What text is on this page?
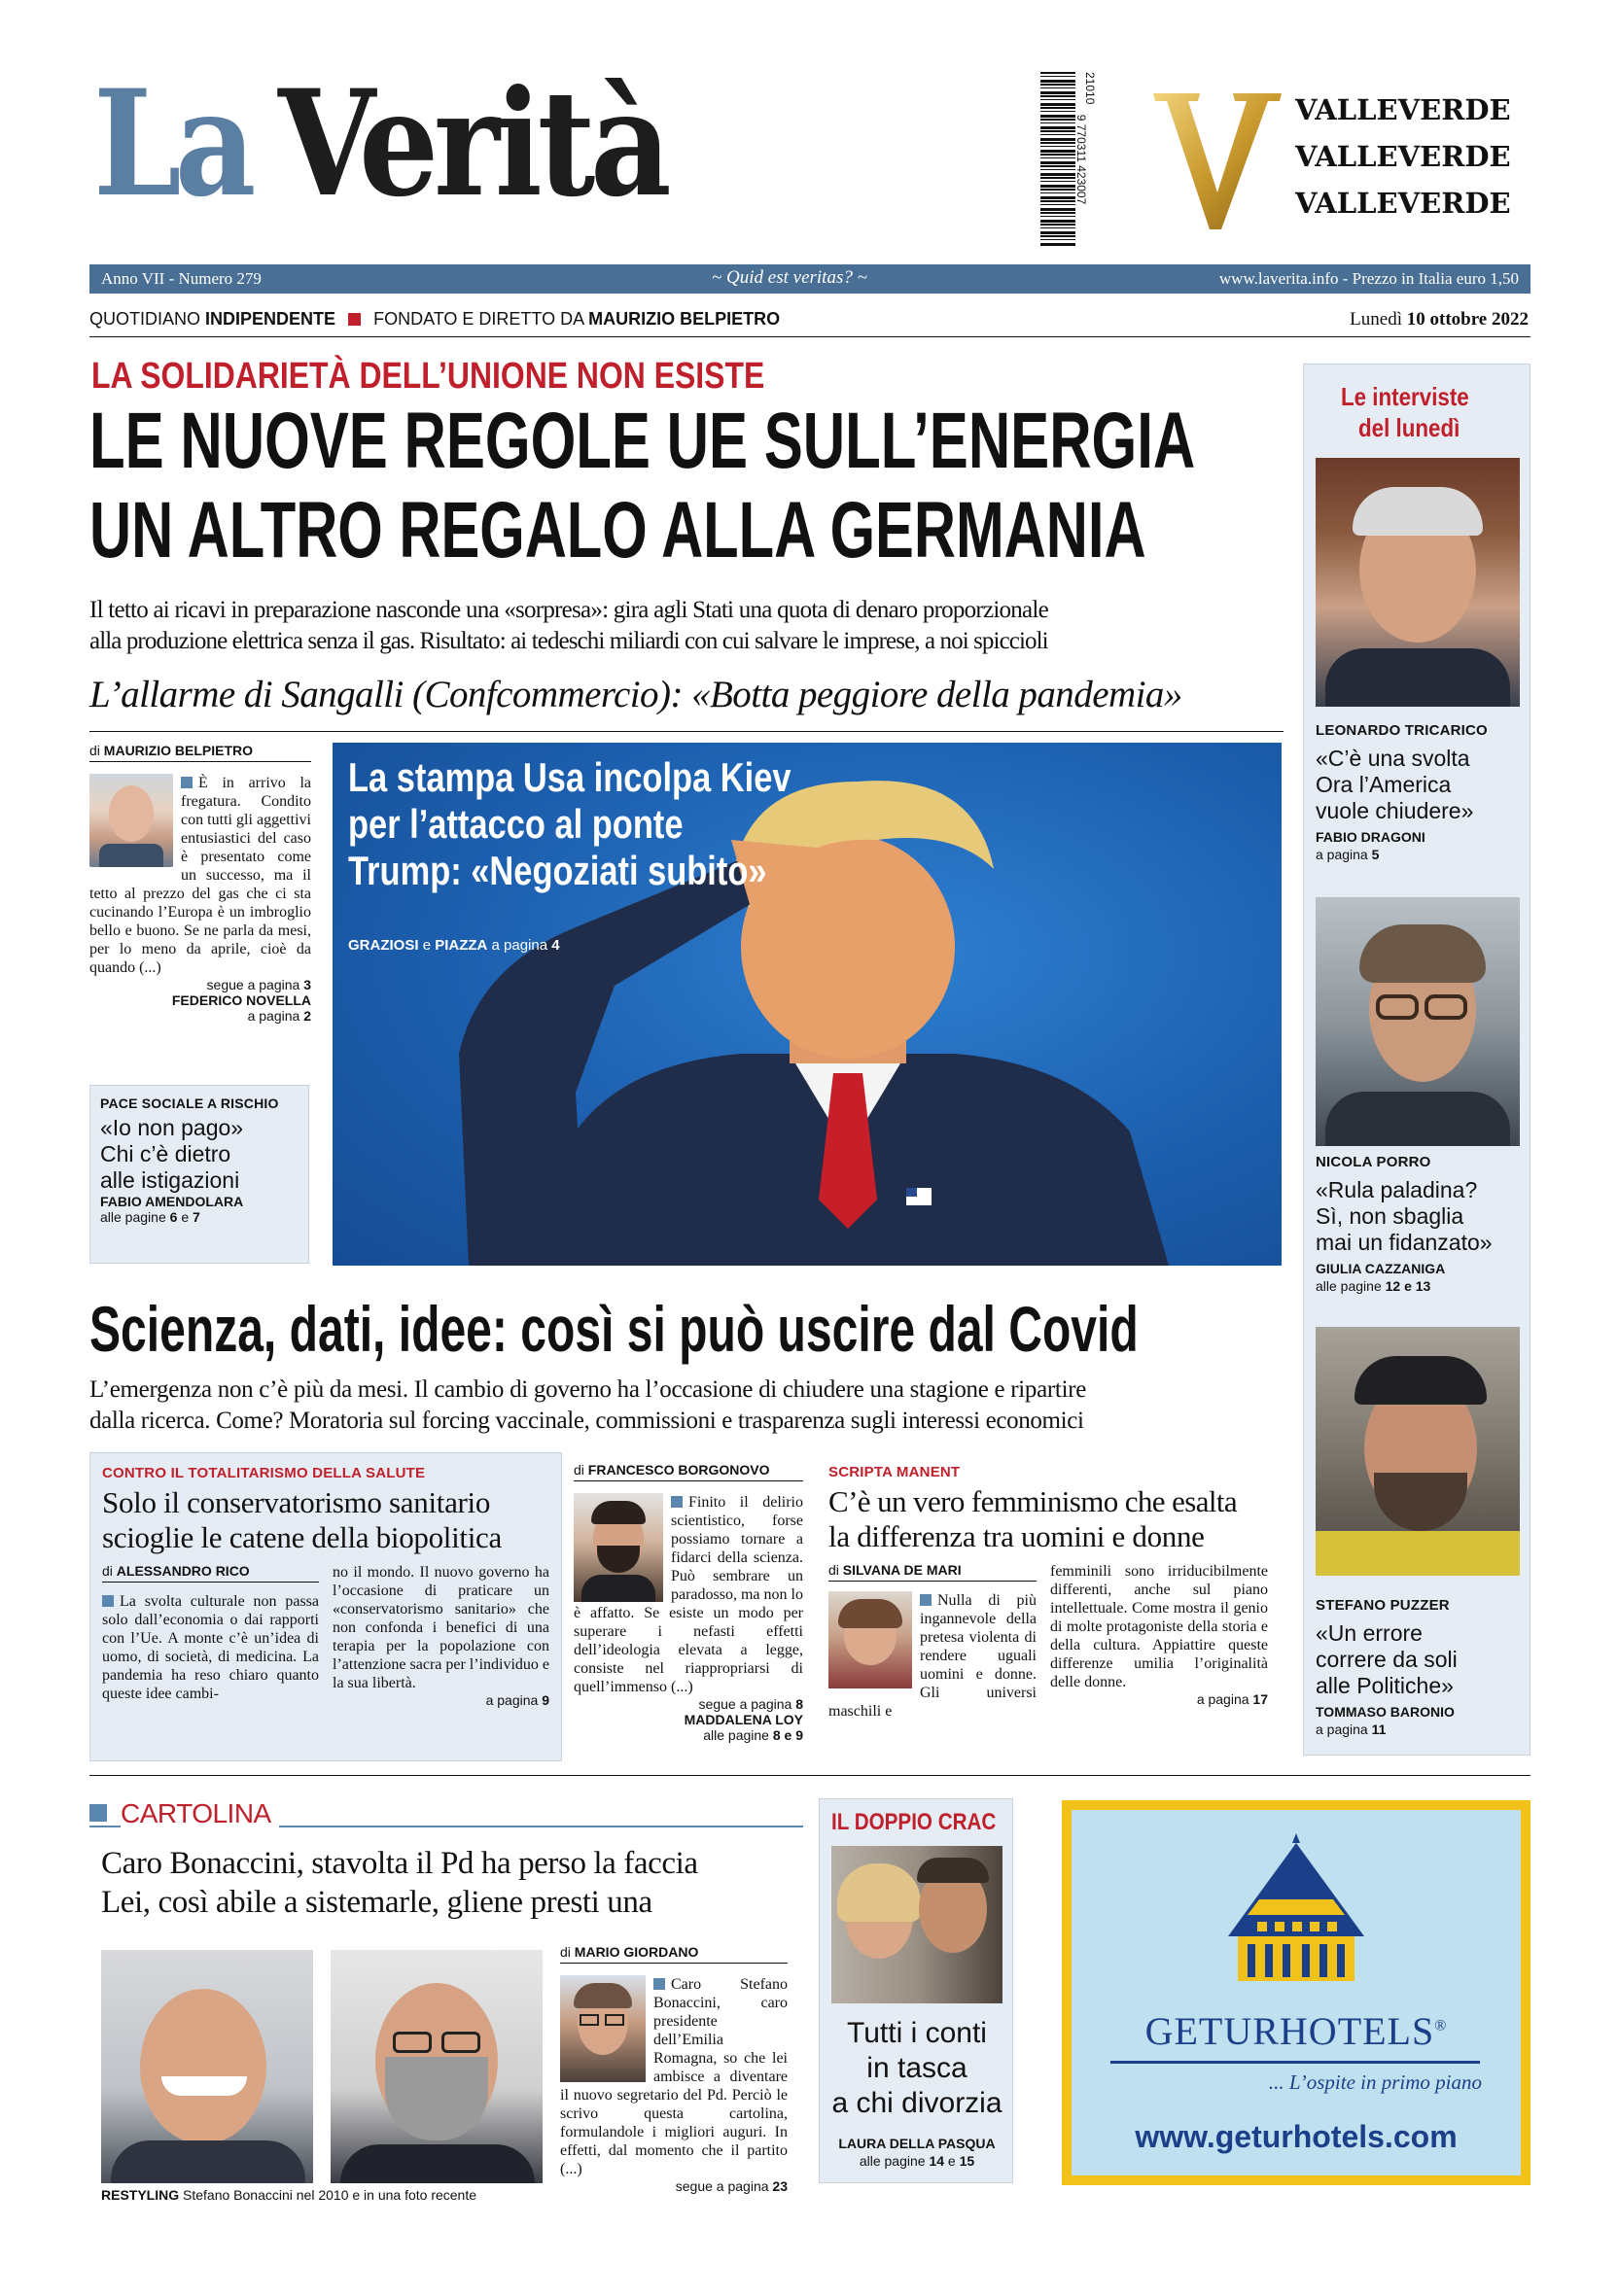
La Verità	9 770311 423007
21010
VALLEVERDE
VALLEVERDE
VALLEVERDE
Anno VII - Numero 279	~ Quid est veritas? ~	www.laverita.info - Prezzo in Italia euro 1,50
QUOTIDIANO INDIPENDENTE FONDATO E DIRETTO DA MAURIZIO BELPIETRO	Lunedì 10 ottobre 2022
LA SOLIDARIETÀ DELL’UNIONE NON ESISTE
LE NUOVE REGOLE UE SULL’ENERGIA
UN ALTRO REGALO ALLA GERMANIA
Il tetto ai ricavi in preparazione nasconde una «sorpresa»: gira agli Stati una quota di denaro proporzionale
alla produzione elettrica senza il gas. Risultato: ai tedeschi miliardi con cui salvare le imprese, a noi spiccioli
L’allarme di Sangalli (Confcommercio): «Botta peggiore della pandemia»
di MAURIZIO BELPIETRO
È in arrivo la fregatura. Condito con tutti gli aggettivi entusiastici del caso è presentato come un successo, ma il tetto al prezzo del gas che ci sta cucinando l’Europa è un imbroglio bello e buono. Se ne parla da mesi, per lo meno da aprile, cioè da quando (...)
segue a pagina 3
FEDERICO NOVELLA
a pagina 2
PACE SOCIALE A RISCHIO
«Io non pago»
Chi c’è dietro
alle istigazioni
FABIO AMENDOLARA
alle pagine 6 e 7
La stampa Usa incolpa Kiev
per l’attacco al ponte
Trump: «Negoziati subito»
GRAZIOSI e PIAZZA a pagina 4
Le interviste
del lunedì
LEONARDO TRICARICO
«C’è una svolta
Ora l’America
vuole chiudere»
FABIO DRAGONI
a pagina 5
NICOLA PORRO
«Rula paladina?
Sì, non sbaglia
mai un fidanzato»
GIULIA CAZZANIGA
alle pagine 12 e 13
STEFANO PUZZER
«Un errore
correre da soli
alle Politiche»
TOMMASO BARONIO
a pagina 11
Scienza, dati, idee: così si può uscire dal Covid
L’emergenza non c’è più da mesi. Il cambio di governo ha l’occasione di chiudere una stagione e ripartire
dalla ricerca. Come? Moratoria sul forcing vaccinale, commissioni e trasparenza sugli interessi economici
CONTRO IL TOTALITARISMO DELLA SALUTE
Solo il conservatorismo sanitario
scioglie le catene della biopolitica
di ALESSANDRO RICO
La svolta culturale non passa solo dall’economia o dai rapporti con l’Ue. A monte c’è un’idea di uomo, di società, di medicina. La pandemia ha reso chiaro quanto queste idee cambi-
no il mondo. Il nuovo governo ha l’occasione di praticare un «conservatorismo sanitario» che non confonda i benefici di una terapia per la popolazione con l’attenzione sacra per l’individuo e la sua libertà.
a pagina 9
di FRANCESCO BORGONOVO
Finito il delirio scientistico, forse possiamo tornare a fidarci della scienza. Può sembrare un paradosso, ma non lo è affatto. Se esiste un modo per superare i nefasti effetti dell’ideologia elevata a legge, consiste nel riappropriarsi di quell’immenso (...)
segue a pagina 8
MADDALENA LOY
alle pagine 8 e 9
SCRIPTA MANENT
C’è un vero femminismo che esalta
la differenza tra uomini e donne
di SILVANA DE MARI
Nulla di più ingannevole della pretesa violenta di rendere uguali uomini e donne. Gli universi maschili e
femminili sono irriducibilmente differenti, anche sul piano intellettuale. Come mostra il genio di molte protagoniste della storia e della cultura. Appiattire queste differenze umilia l’originalità delle donne.
a pagina 17
CARTOLINA
Caro Bonaccini, stavolta il Pd ha perso la faccia
Lei, così abile a sistemarle, gliene presti una
RESTYLING Stefano Bonaccini nel 2010 e in una foto recente
di MARIO GIORDANO
Caro Stefano Bonaccini, caro presidente dell’Emilia Romagna, so che lei ambisce a diventare il nuovo segretario del Pd. Perciò le scrivo questa cartolina, formulandole i migliori auguri. In effetti, dal momento che il partito (...)
segue a pagina 23
IL DOPPIO CRAC
Tutti i conti
in tasca
a chi divorzia
LAURA DELLA PASQUA
alle pagine 14 e 15
GETURHOTELS®
... L’ospite in primo piano
www.geturhotels.com
